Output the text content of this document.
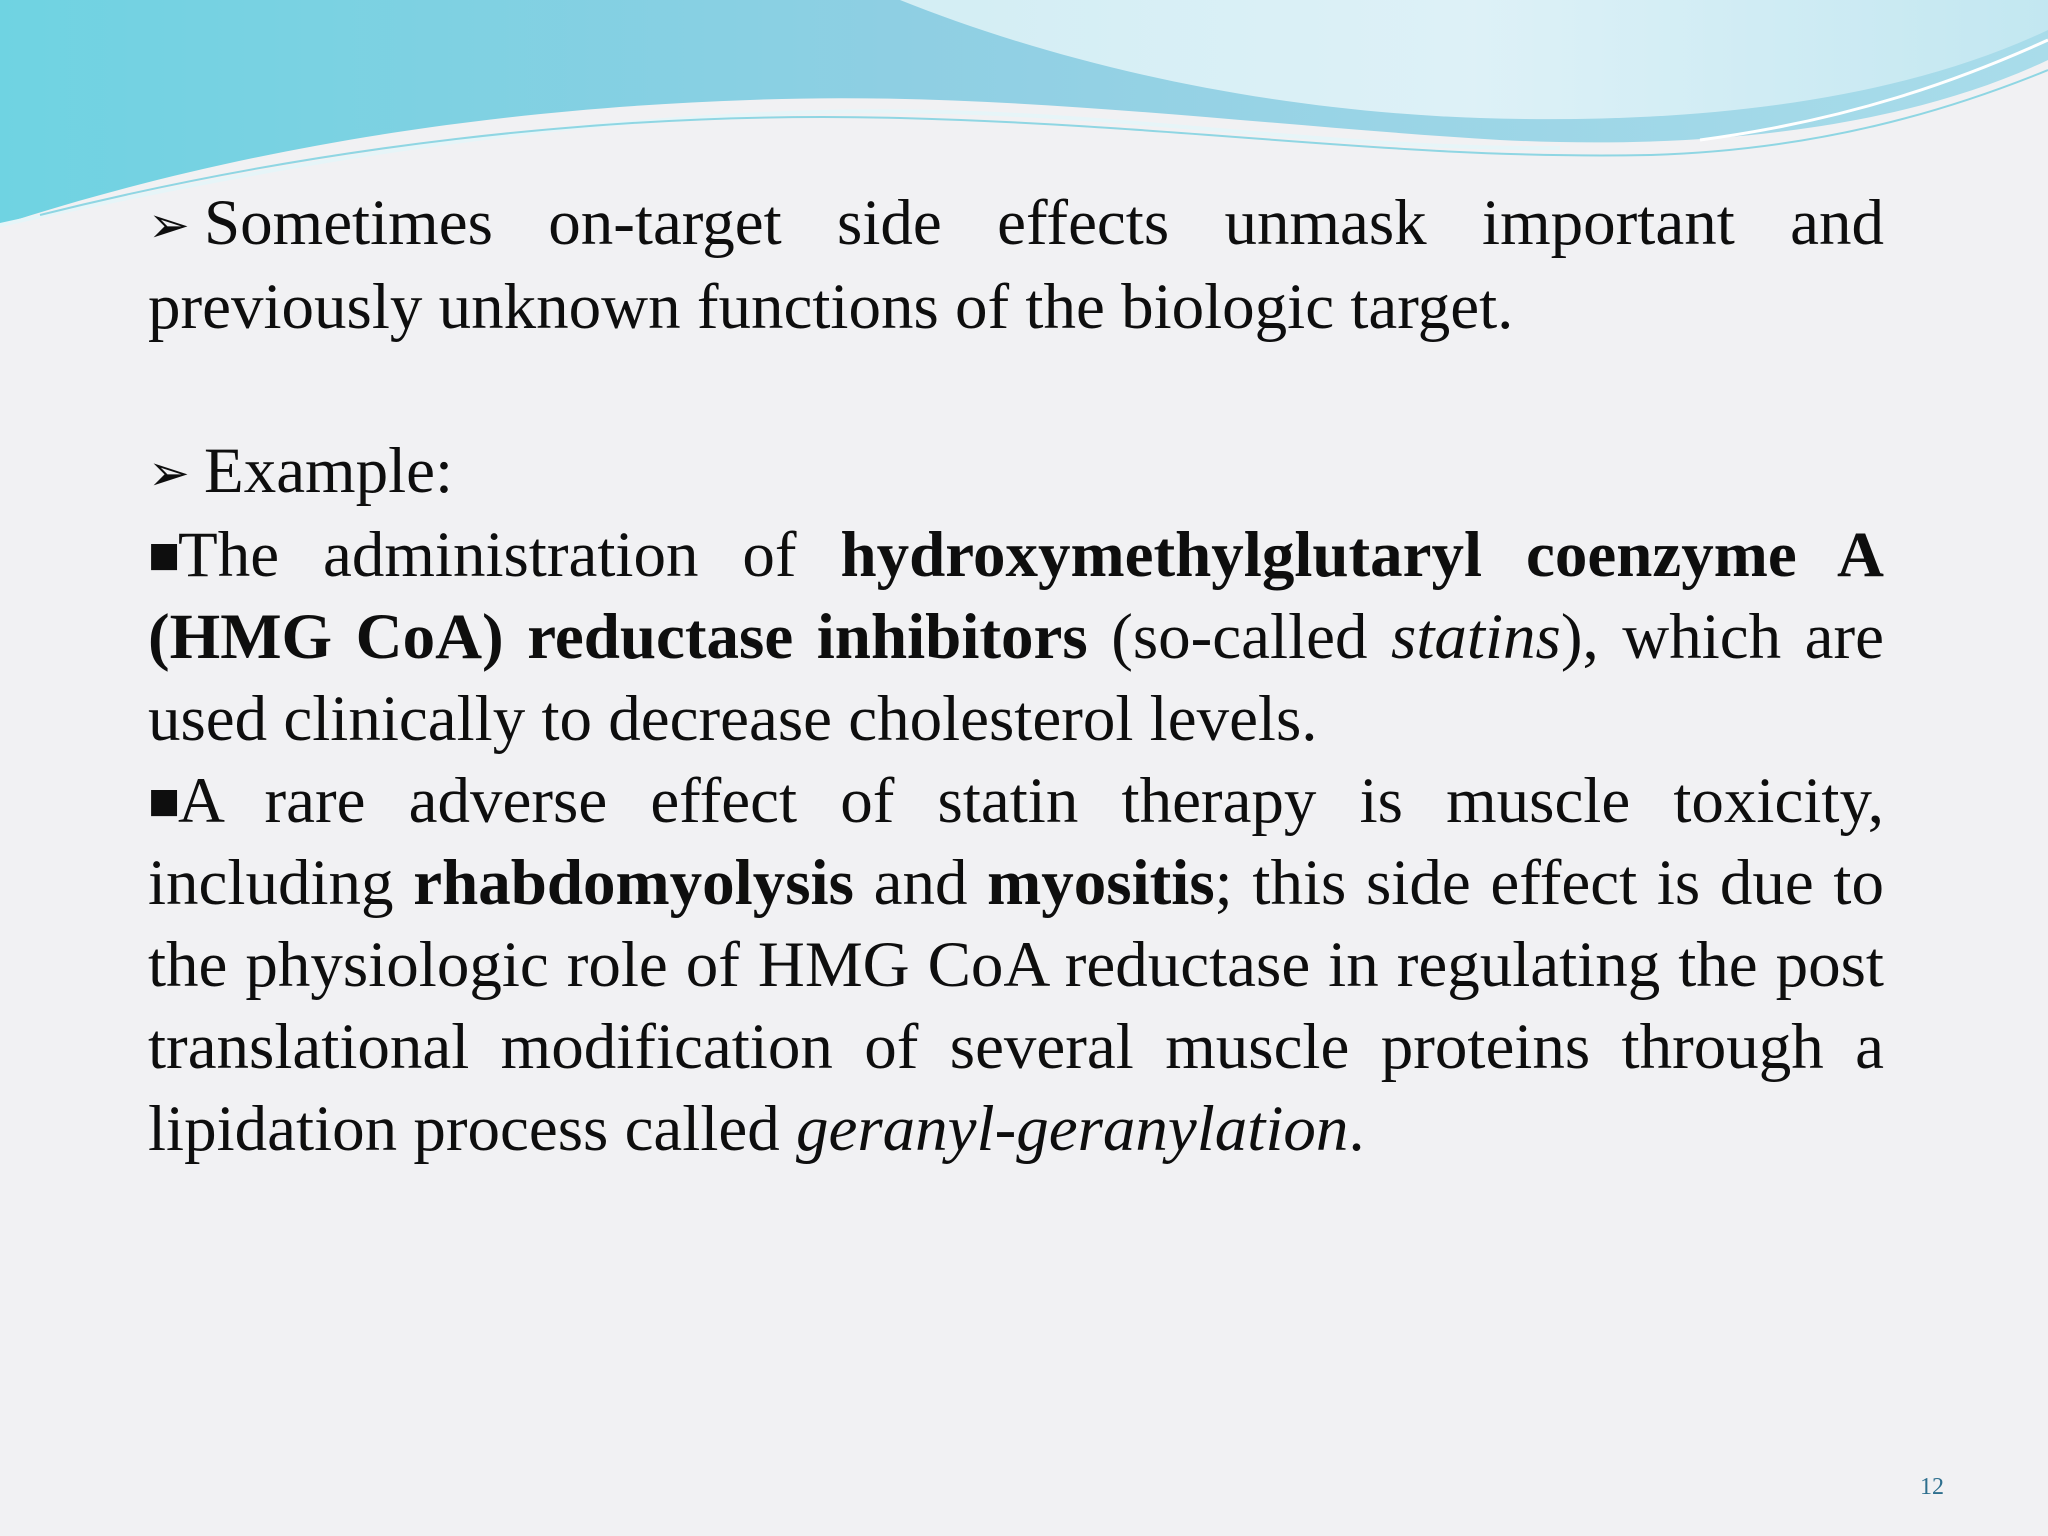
➢ Sometimes on-target side effects unmask important and previously unknown functions of the biologic target.

➢ Example:

■The administration of hydroxymethylglutaryl coenzyme A (HMG CoA) reductase inhibitors (so-called statins), which are used clinically to decrease cholesterol levels.

■A rare adverse effect of statin therapy is muscle toxicity, including rhabdomyolysis and myositis; this side effect is due to the physiologic role of HMG CoA reductase in regulating the post translational modification of several muscle proteins through a lipidation process called geranyl-geranylation.

12
